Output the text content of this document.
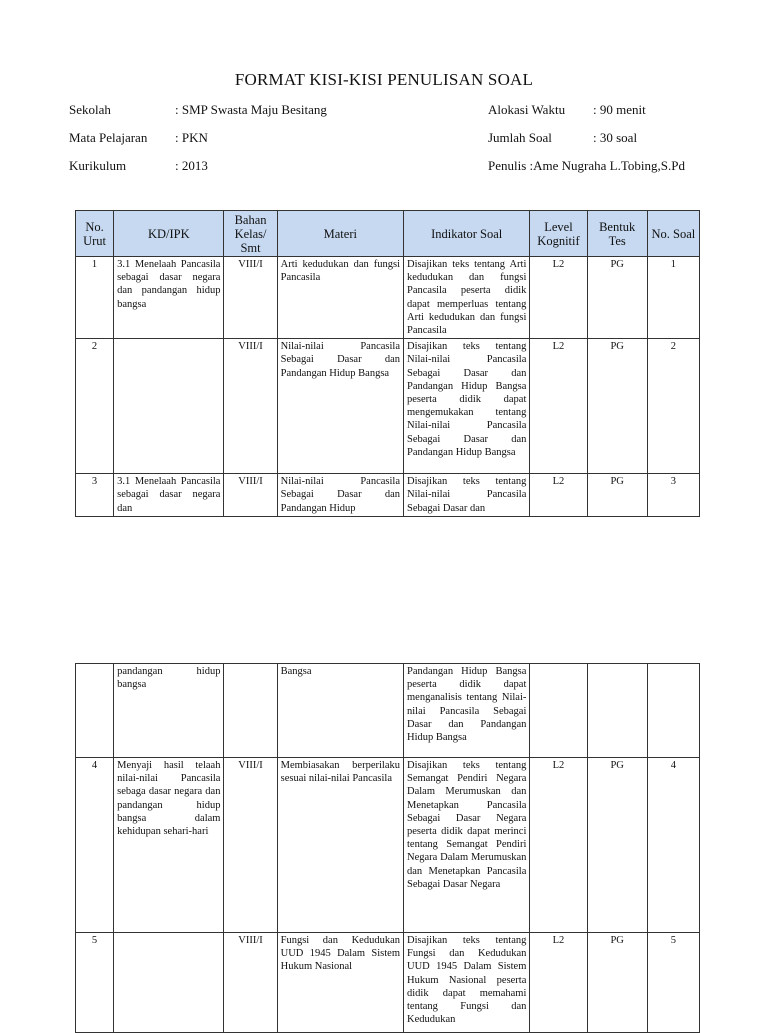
FORMAT KISI-KISI PENULISAN SOAL
Sekolah	: SMP Swasta Maju Besitang
Mata Pelajaran : PKN
Kurikulum	: 2013
Alokasi Waktu : 90 menit
Jumlah Soal	: 30 soal
Penulis :Ame Nugraha L.Tobing,S.Pd
No. Urut	KD/IPK	Bahan Kelas/ Smt	Materi	Indikator Soal	Level Kognitif	Bentuk Tes	No. Soal
1	3.1 Menelaah Pancasila sebagai dasar negara dan pandangan hidup bangsa	VIII/I	Arti kedudukan dan fungsi Pancasila	Disajikan teks tentang Arti kedudukan dan fungsi Pancasila peserta didik dapat memperluas tentang Arti kedudukan dan fungsi Pancasila	L2	PG	1
2		VIII/I	Nilai-nilai Pancasila Sebagai Dasar dan Pandangan Hidup Bangsa	Disajikan teks tentang Nilai-nilai Pancasila Sebagai Dasar dan Pandangan Hidup Bangsa peserta didik dapat mengemukakan tentang Nilai-nilai Pancasila Sebagai Dasar dan Pandangan Hidup Bangsa	L2	PG	2
3	3.1 Menelaah Pancasila sebagai dasar negara dan	VIII/I	Nilai-nilai Pancasila Sebagai Dasar dan Pandangan Hidup	Disajikan teks tentang Nilai-nilai Pancasila Sebagai Dasar dan	L2	PG	3
	pandangan hidup bangsa		Bangsa	Pandangan Hidup Bangsa peserta didik dapat menganalisis tentang Nilai-nilai Pancasila Sebagai Dasar dan Pandangan Hidup Bangsa			
4	Menyaji hasil telaah nilai-nilai Pancasila sebaga dasar negara dan pandangan hidup bangsa dalam kehidupan sehari-hari	VIII/I	Membiasakan berperilaku sesuai nilai-nilai Pancasila	Disajikan teks tentang Semangat Pendiri Negara Dalam Merumuskan dan Menetapkan Pancasila Sebagai Dasar Negara peserta didik dapat merinci tentang Semangat Pendiri Negara Dalam Merumuskan dan Menetapkan Pancasila Sebagai Dasar Negara	L2	PG	4
5		VIII/I	Fungsi dan Kedudukan UUD 1945 Dalam Sistem Hukum Nasional	Disajikan teks tentang Fungsi dan Kedudukan UUD 1945 Dalam Sistem Hukum Nasional peserta didik dapat memahami tentang Fungsi dan Kedudukan	L2	PG	5
